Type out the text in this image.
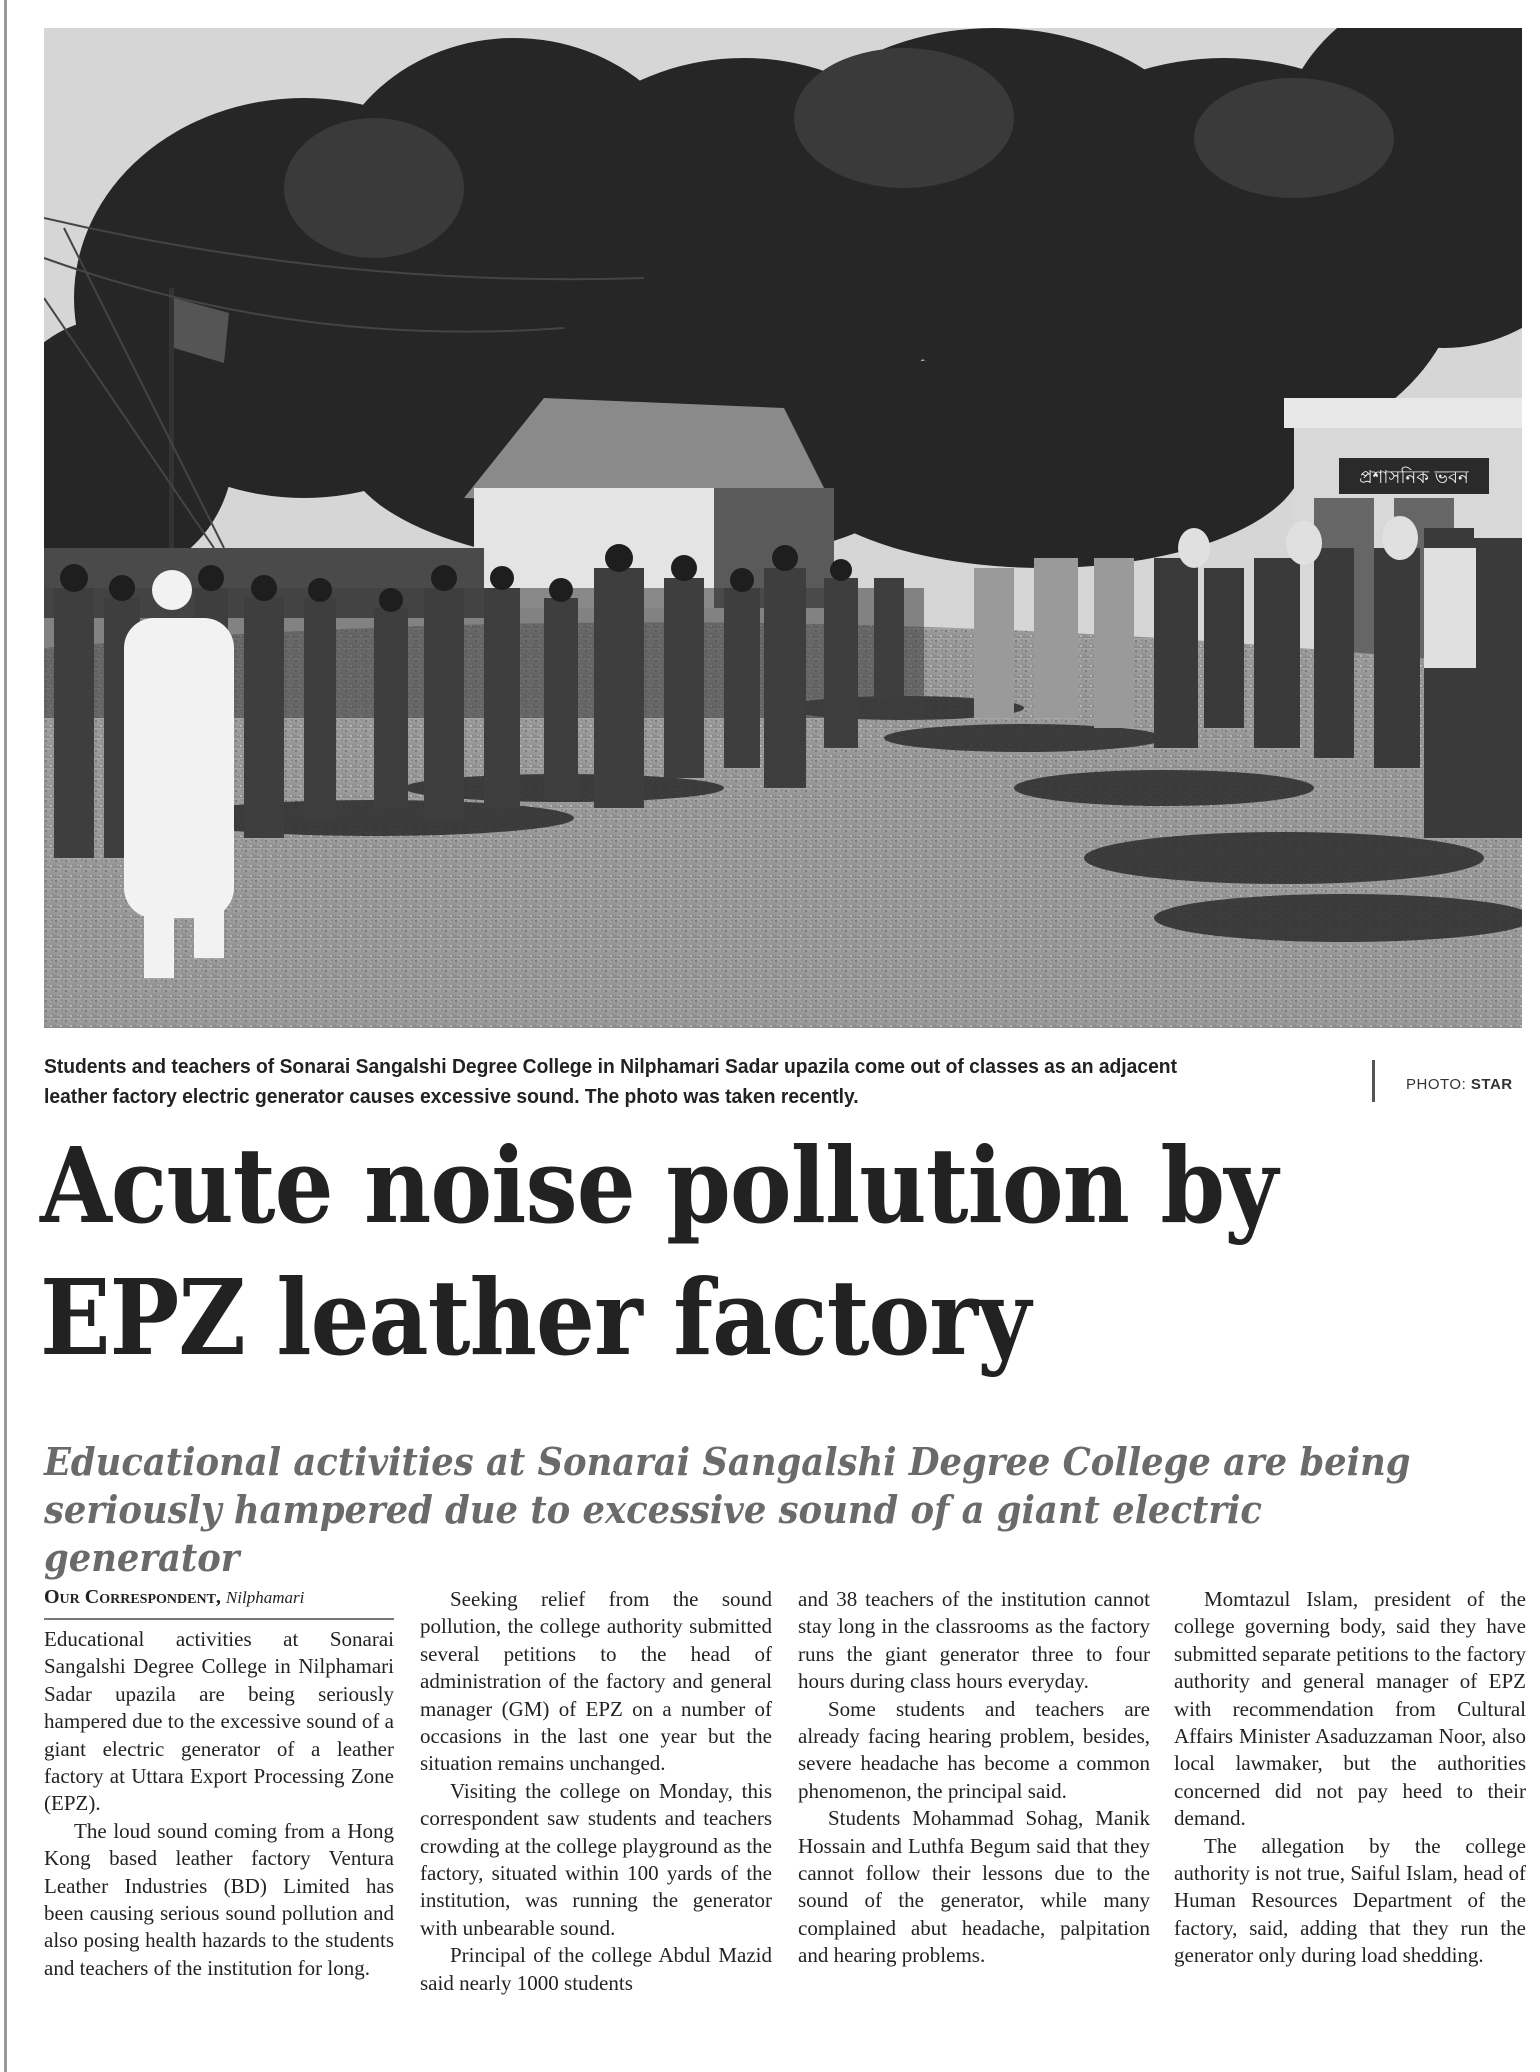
প্রশাসনিক ভবন
Students and teachers of Sonarai Sangalshi Degree College in Nilphamari Sadar upazila come out of classes as an adjacent leather factory electric generator causes excessive sound. The photo was taken recently.
PHOTO: STAR
Acute noise pollution by EPZ leather factory

Educational activities at Sonarai Sangalshi Degree College are being seriously hampered due to excessive sound of a giant electric generator

Our Correspondent, Nilphamari

Educational activities at Sonarai Sangalshi Degree College in Nilphamari Sadar upazila are being seriously hampered due to the excessive sound of a giant electric generator of a leather factory at Uttara Export Processing Zone (EPZ).

The loud sound coming from a Hong Kong based leather factory Ventura Leather Industries (BD) Limited has been causing serious sound pollution and also posing health hazards to the students and teachers of the institution for long.

Seeking relief from the sound pollution, the college authority submitted several petitions to the head of administration of the factory and general manager (GM) of EPZ on a number of occasions in the last one year but the situation remains unchanged.

Visiting the college on Monday, this correspondent saw students and teachers crowding at the college playground as the factory, situated within 100 yards of the institution, was running the generator with unbearable sound.

Principal of the college Abdul Mazid said nearly 1000 students

and 38 teachers of the institution cannot stay long in the classrooms as the factory runs the giant generator three to four hours during class hours everyday.

Some students and teachers are already facing hearing problem, besides, severe headache has become a common phenomenon, the principal said.

Students Mohammad Sohag, Manik Hossain and Luthfa Begum said that they cannot follow their lessons due to the sound of the generator, while many complained abut headache, palpitation and hearing problems.

Momtazul Islam, president of the college governing body, said they have submitted separate petitions to the factory authority and general manager of EPZ with recommendation from Cultural Affairs Minister Asaduzzaman Noor, also local lawmaker, but the authorities concerned did not pay heed to their demand.

The allegation by the college authority is not true, Saiful Islam, head of Human Resources Department of the factory, said, adding that they run the generator only during load shedding.
